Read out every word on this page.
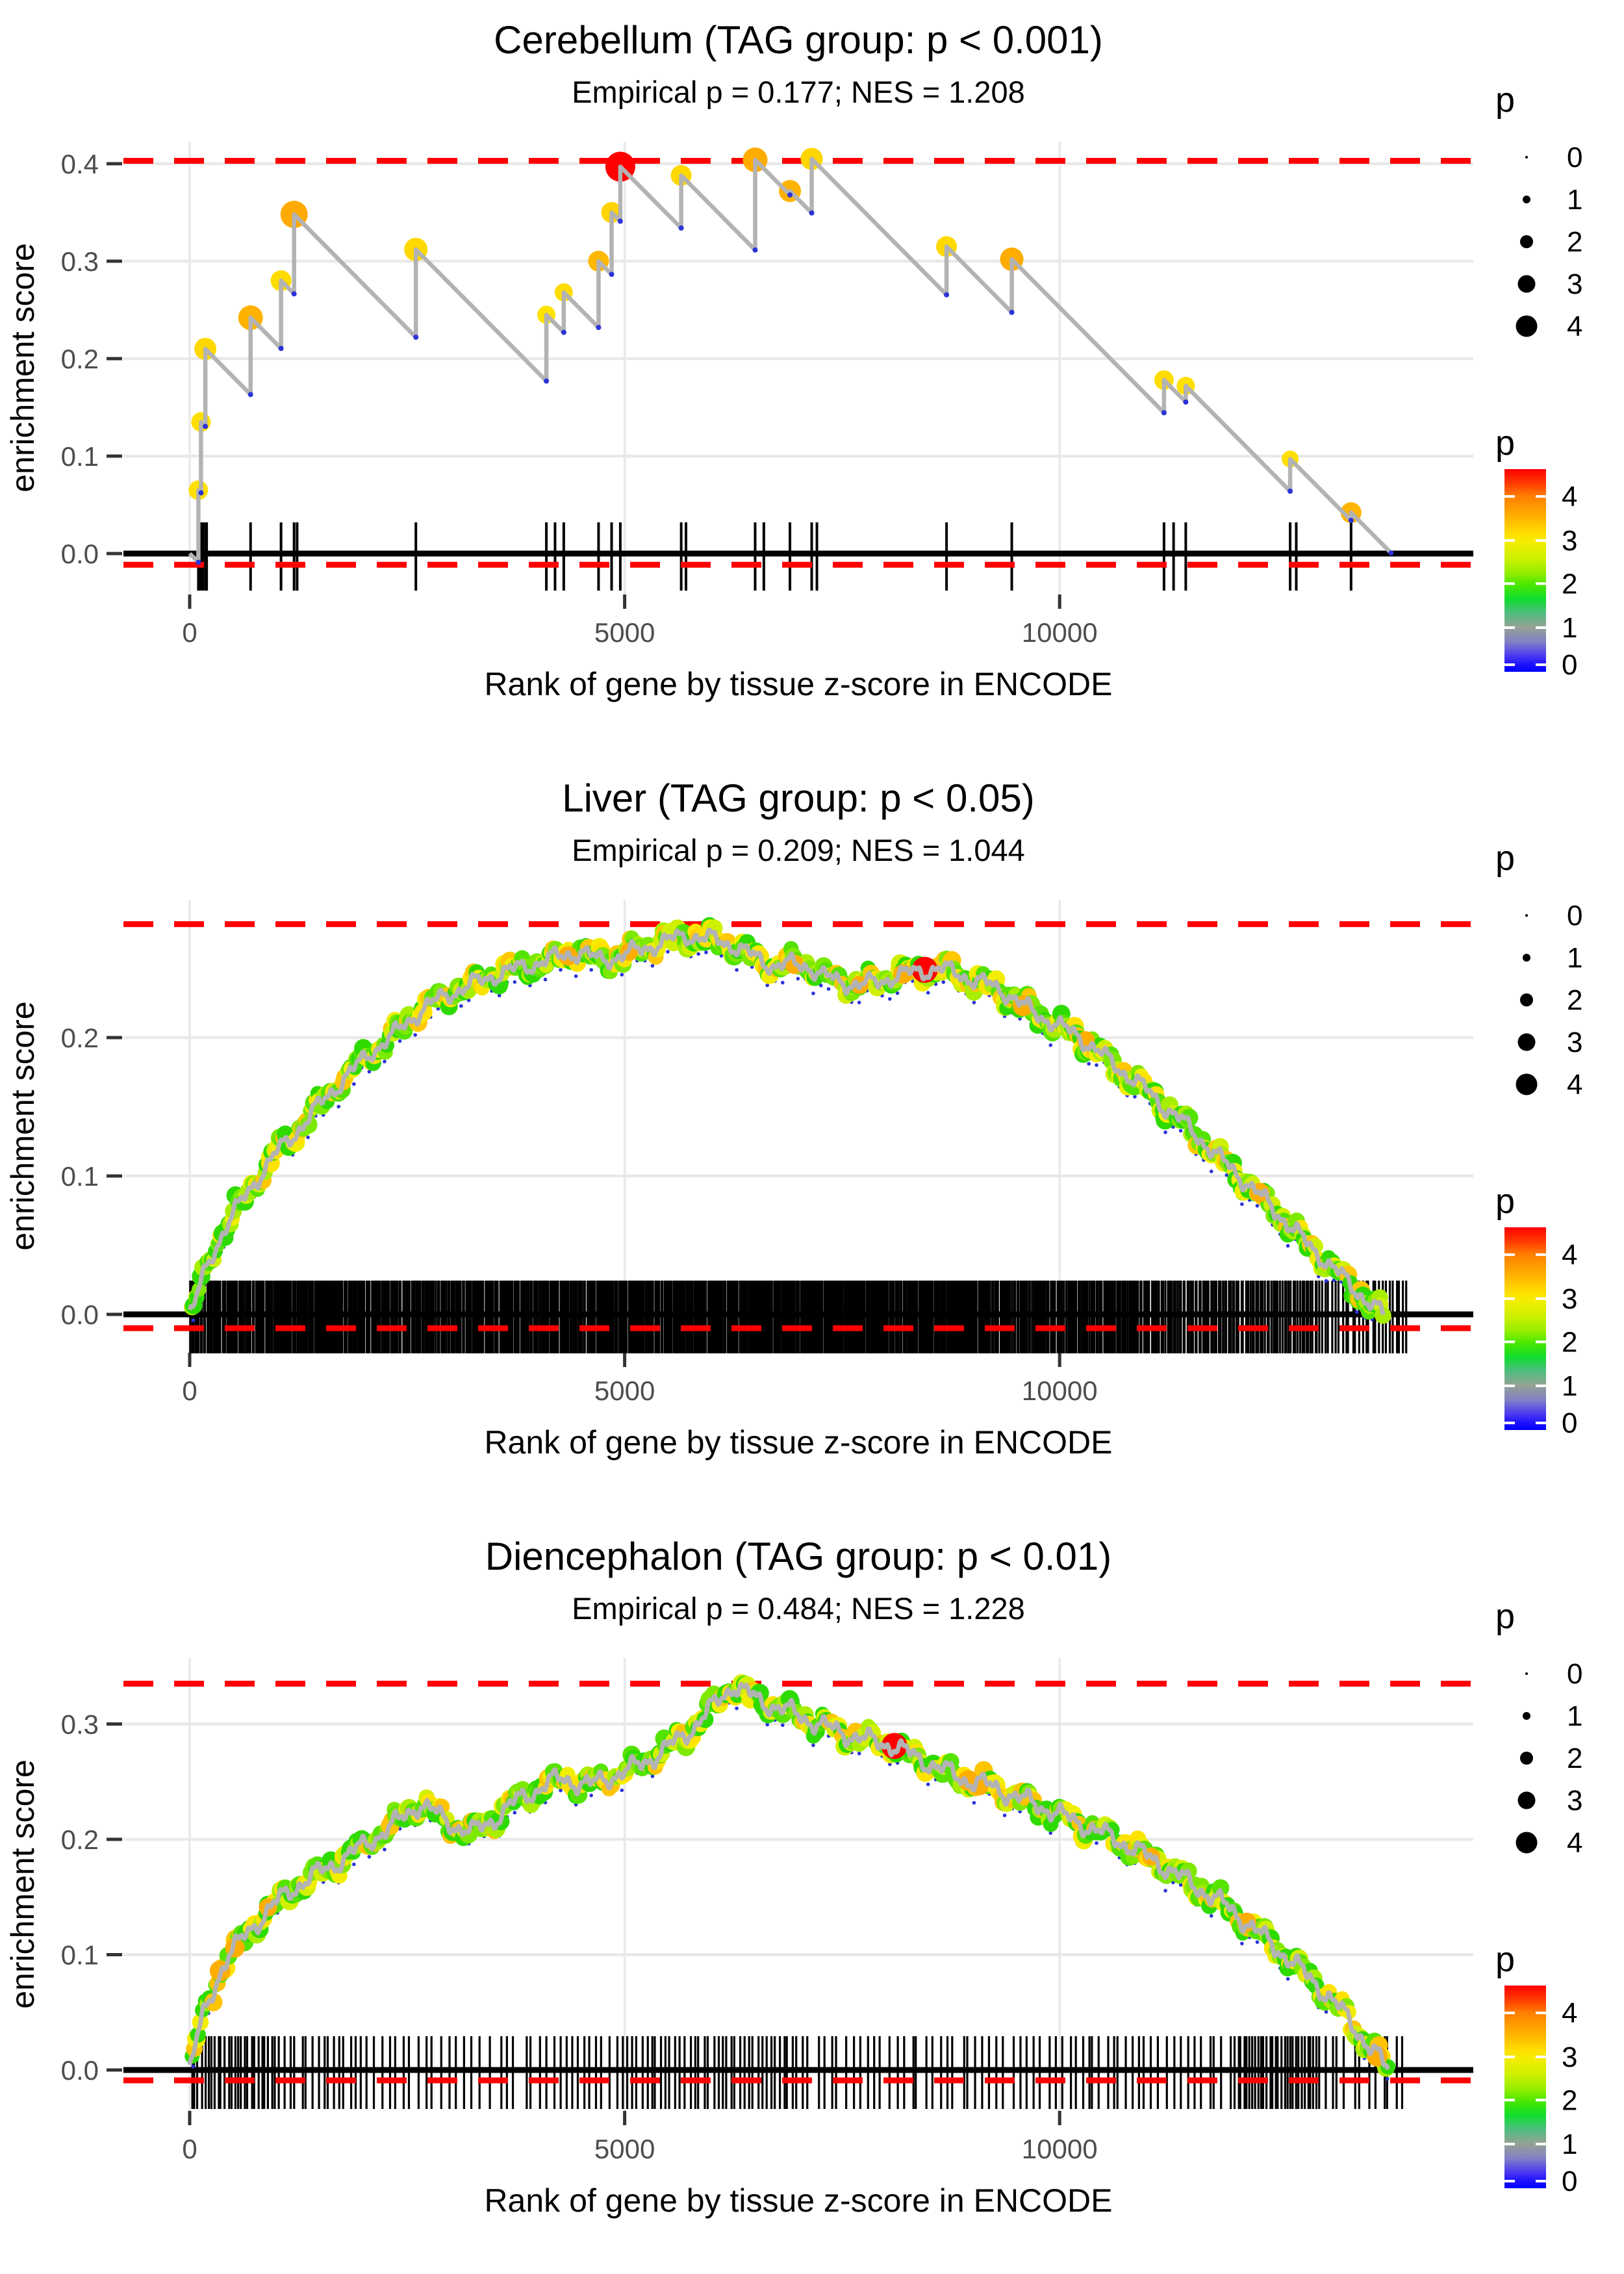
0.0
0.1
0.2
0.3
0.4
0	5000	10000
0
1
2
3
4
4
3
2
1
0
Cerebellum (TAG group: p < 0.001)
Empirical p = 0.177; NES = 1.208
Rank of gene by tissue z-score in ENCODE
enrichment score
p
p
0.0
0.1
0.2
0	5000	10000
0
1
2
3
4
4
3
2
1
0
Liver (TAG group: p < 0.05)
Empirical p = 0.209; NES = 1.044
Rank of gene by tissue z-score in ENCODE
enrichment score
p
p
0.0
0.1
0.2
0.3
0	5000	10000
0
1
2
3
4
4
3
2
1
0
Diencephalon (TAG group: p < 0.01)
Empirical p = 0.484; NES = 1.228
Rank of gene by tissue z-score in ENCODE
enrichment score
p
p
